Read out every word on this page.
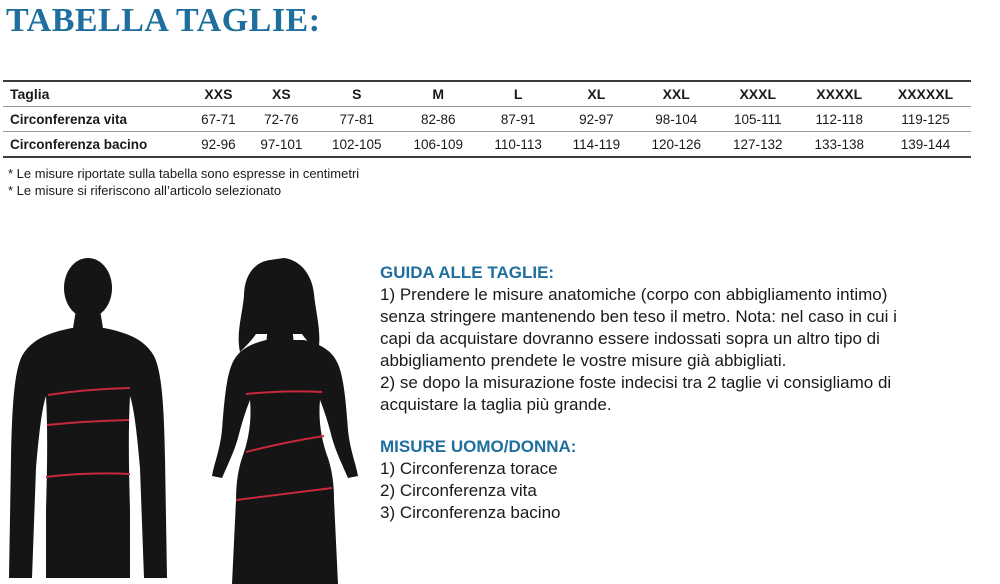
TABELLA TAGLIE:
Taglia	XXS	XS	S	M	L	XL	XXL	XXXL	XXXXL	XXXXXL
Circonferenza vita	67-71	72-76	77-81	82-86	87-91	92-97	98-104	105-111	112-118	119-125
Circonferenza bacino	92-96	97-101	102-105	106-109	110-113	114-119	120-126	127-132	133-138	139-144
* Le misure riportate sulla tabella sono espresse in centimetri
* Le misure si riferiscono all’articolo selezionato
GUIDA ALLE TAGLIE:

1) Prendere le misure anatomiche (corpo con abbigliamento intimo)

senza stringere mantenendo ben teso il metro. Nota: nel caso in cui i

capi da acquistare dovranno essere indossati sopra un altro tipo di

abbigliamento prendete le vostre misure già abbigliati.

2) se dopo la misurazione foste indecisi tra 2 taglie vi consigliamo di

acquistare la taglia più grande.

MISURE UOMO/DONNA:
1) Circonferenza torace
2) Circonferenza vita
3) Circonferenza bacino
